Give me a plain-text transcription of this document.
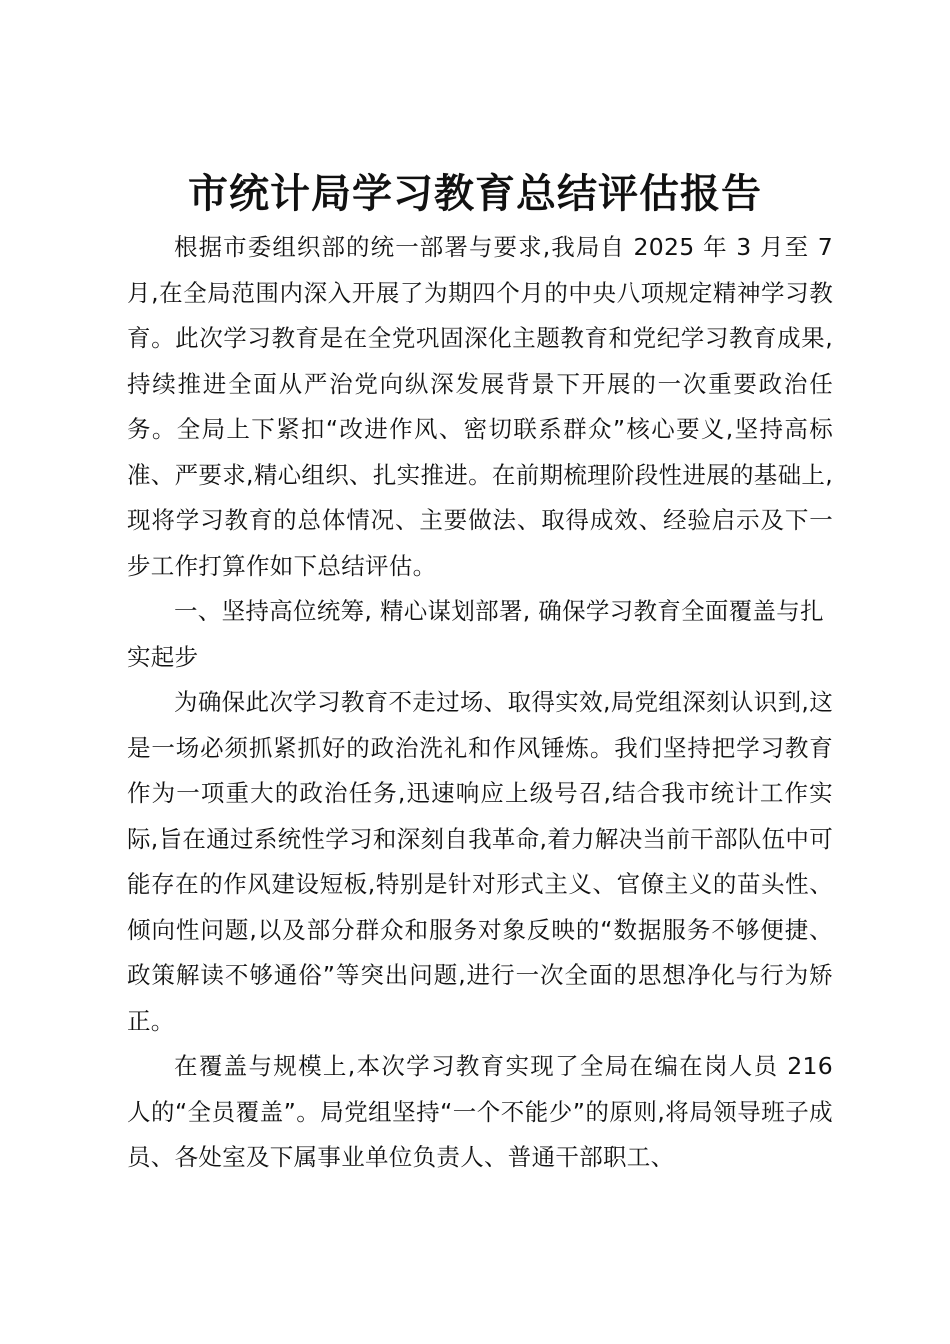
市统计局学习教育总结评估报告

根据市委组织部的统一部署与要求,我局自 2025 年 3 月至 7 月,在全局范围内深入开展了为期四个月的中央八项规定精神学习教育。此次学习教育是在全党巩固深化主题教育和党纪学习教育成果,持续推进全面从严治党向纵深发展背景下开展的一次重要政治任务。全局上下紧扣“改进作风、密切联系群众”核心要义,坚持高标准、严要求,精心组织、扎实推进。在前期梳理阶段性进展的基础上,现将学习教育的总体情况、主要做法、取得成效、经验启示及下一步工作打算作如下总结评估。

一、坚持高位统筹, 精心谋划部署, 确保学习教育全面覆盖与扎实起步

为确保此次学习教育不走过场、取得实效,局党组深刻认识到,这是一场必须抓紧抓好的政治洗礼和作风锤炼。我们坚持把学习教育作为一项重大的政治任务,迅速响应上级号召,结合我市统计工作实际,旨在通过系统性学习和深刻自我革命,着力解决当前干部队伍中可能存在的作风建设短板,特别是针对形式主义、官僚主义的苗头性、倾向性问题,以及部分群众和服务对象反映的“数据服务不够便捷、政策解读不够通俗”等突出问题,进行一次全面的思想净化与行为矫正。

在覆盖与规模上,本次学习教育实现了全局在编在岗人员 216 人的“全员覆盖”。局党组坚持“一个不能少”的原则,将局领导班子成员、各处室及下属事业单位负责人、普通干部职工、
